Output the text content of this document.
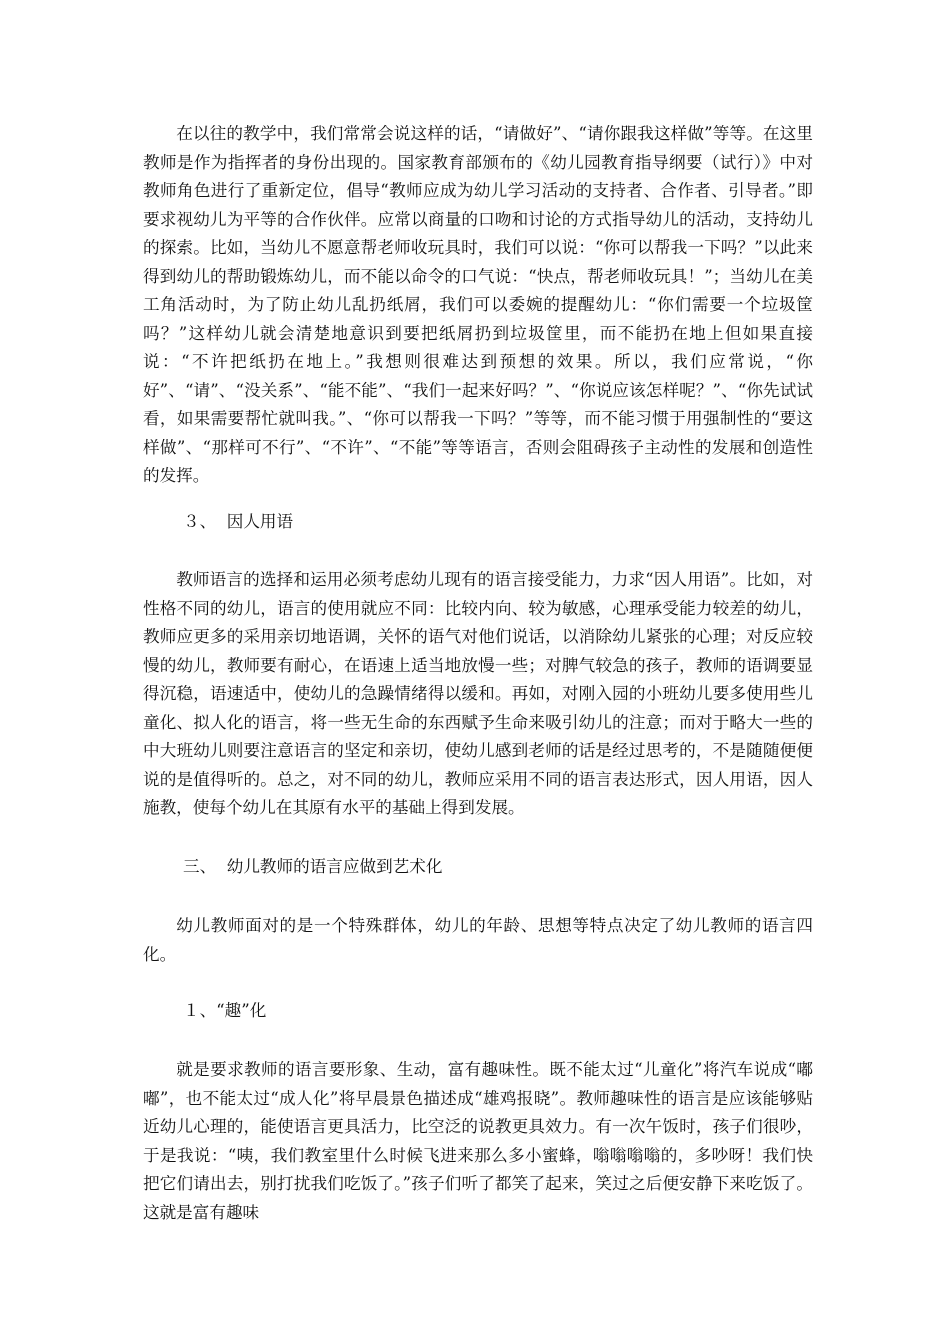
在以往的教学中，我们常常会说这样的话，“请做好”、“请你跟我这样做”等等。在这里教师是作为指挥者的身份出现的。国家教育部颁布的《幼儿园教育指导纲要（试行）》中对教师角色进行了重新定位，倡导“教师应成为幼儿学习活动的支持者、合作者、引导者。”即要求视幼儿为平等的合作伙伴。应常以商量的口吻和讨论的方式指导幼儿的活动，支持幼儿的探索。比如，当幼儿不愿意帮老师收玩具时，我们可以说：“你可以帮我一下吗？”以此来得到幼儿的帮助锻炼幼儿，而不能以命令的口气说：“快点，帮老师收玩具！”；当幼儿在美工角活动时，为了防止幼儿乱扔纸屑，我们可以委婉的提醒幼儿：“你们需要一个垃圾筐吗？”这样幼儿就会清楚地意识到要把纸屑扔到垃圾筐里，而不能扔在地上但如果直接说：“不许把纸扔在地上。”我想则很难达到预想的效果。所以，我们应常说，“你好”、“请”、“没关系”、“能不能”、“我们一起来好吗？”、“你说应该怎样呢？”、“你先试试看，如果需要帮忙就叫我。”、“你可以帮我一下吗？”等等，而不能习惯于用强制性的“要这样做”、“那样可不行”、“不许”、“不能”等等语言，否则会阻碍孩子主动性的发展和创造性的发挥。

３、  因人用语

教师语言的选择和运用必须考虑幼儿现有的语言接受能力，力求“因人用语”。比如，对性格不同的幼儿，语言的使用就应不同：比较内向、较为敏感，心理承受能力较差的幼儿，教师应更多的采用亲切地语调，关怀的语气对他们说话，以消除幼儿紧张的心理；对反应较慢的幼儿，教师要有耐心，在语速上适当地放慢一些；对脾气较急的孩子，教师的语调要显得沉稳，语速适中，使幼儿的急躁情绪得以缓和。再如，对刚入园的小班幼儿要多使用些儿童化、拟人化的语言，将一些无生命的东西赋予生命来吸引幼儿的注意；而对于略大一些的中大班幼儿则要注意语言的坚定和亲切，使幼儿感到老师的话是经过思考的，不是随随便便说的是值得听的。总之，对不同的幼儿，教师应采用不同的语言表达形式，因人用语，因人施教，使每个幼儿在其原有水平的基础上得到发展。

三、  幼儿教师的语言应做到艺术化

幼儿教师面对的是一个特殊群体，幼儿的年龄、思想等特点决定了幼儿教师的语言四化。

１、“趣”化

就是要求教师的语言要形象、生动，富有趣味性。既不能太过“儿童化”将汽车说成“嘟嘟”，也不能太过“成人化”将早晨景色描述成“雄鸡报晓”。教师趣味性的语言是应该能够贴近幼儿心理的，能使语言更具活力，比空泛的说教更具效力。有一次午饭时，孩子们很吵，于是我说：“咦，我们教室里什么时候飞进来那么多小蜜蜂，嗡嗡嗡嗡的，多吵呀！我们快把它们请出去，别打扰我们吃饭了。”孩子们听了都笑了起来，笑过之后便安静下来吃饭了。这就是富有趣味
